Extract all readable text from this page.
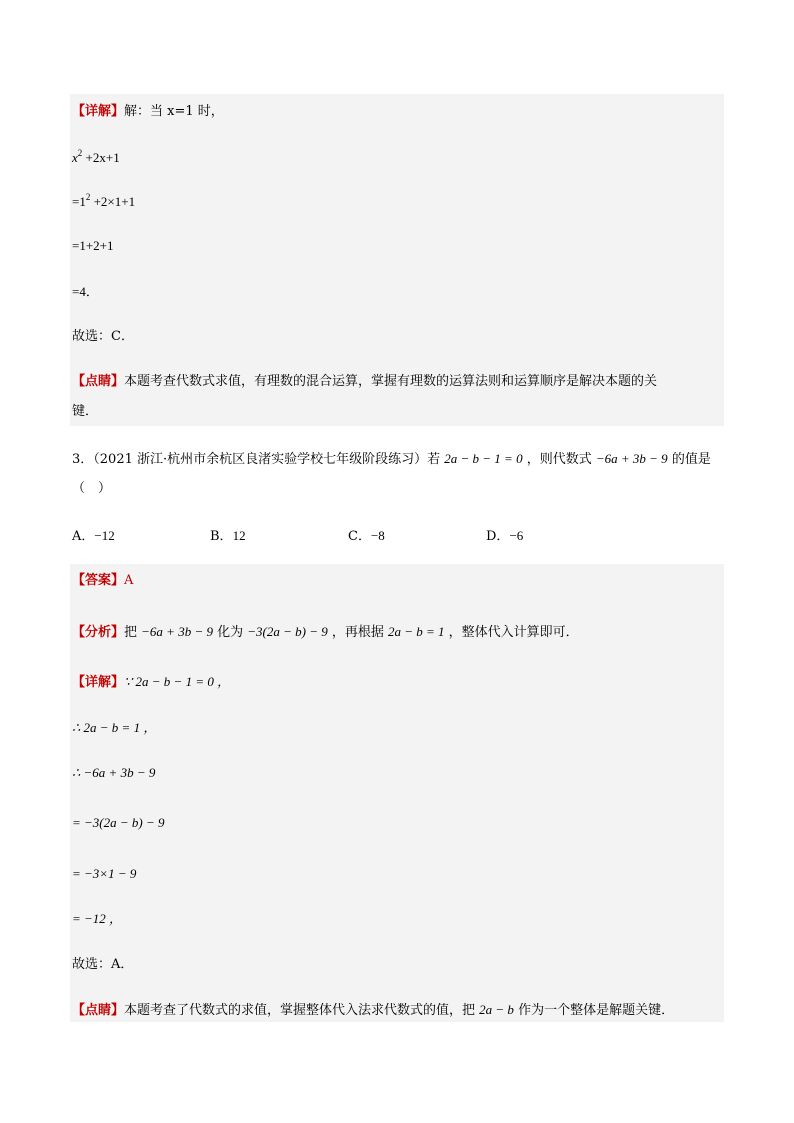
【详解】解：当 x=1 时，
$x^2 +2x+1$
$=1^2 +2\times 1+1$
=1+2+1
=4．
故选：C．
【点睛】本题考查代数式求值，有理数的混合运算，掌握有理数的运算法则和运算顺序是解决本题的关
键．
3．（2021 浙江·杭州市余杭区良渚实验学校七年级阶段练习）若 2a − b − 1 = 0 ，则代数式 −6a + 3b − 9 的值是
（　）
A．−12	B．12	C．−8	D．−6
【答案】A
【分析】把 −6a + 3b − 9 化为 −3(2a − b) − 9 ，再根据 2a − b = 1 ，整体代入计算即可．
【详解】∵ 2a − b − 1 = 0 ，
∴ 2a − b = 1 ，
∴ −6a + 3b − 9
= −3(2a − b) − 9
= −3×1 − 9
= −12 ，
故选：A．
【点睛】本题考查了代数式的求值，掌握整体代入法求代数式的值，把 2a − b 作为一个整体是解题关键．
